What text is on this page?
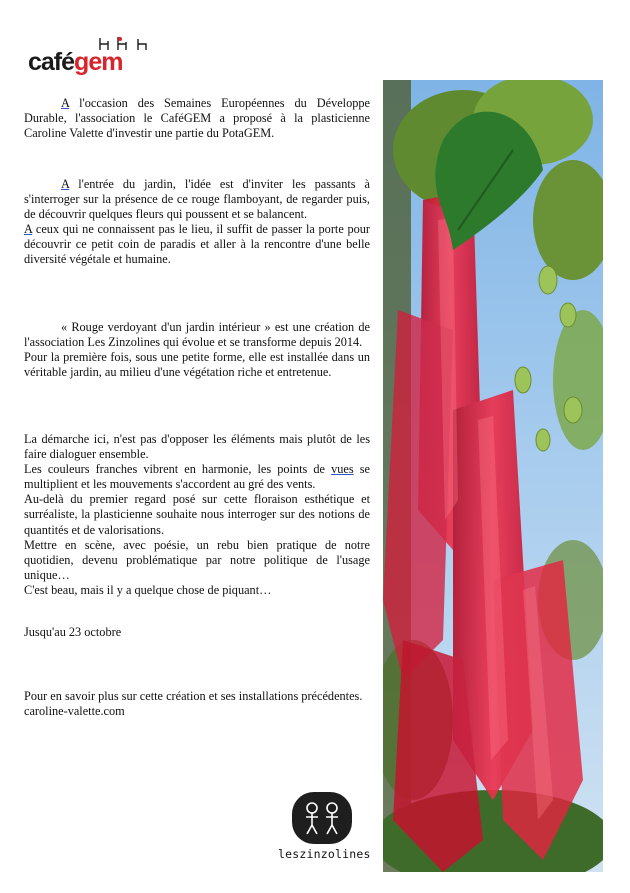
cafégem

A l'occasion des Semaines Européennes du Développe Durable, l'association le CaféGEM a proposé à la plasticienne Caroline Valette d'investir une partie du PotaGEM.

A l'entrée du jardin, l'idée est d'inviter les passants à s'interroger sur la présence de ce rouge flamboyant, de regarder puis, de découvrir quelques fleurs qui poussent et se balancent.

A ceux qui ne connaissent pas le lieu, il suffit de passer la porte pour découvrir ce petit coin de paradis et aller à la rencontre d'une belle diversité végétale et humaine.

« Rouge verdoyant d'un jardin intérieur » est une création de l'association Les Zinzolines qui évolue et se transforme depuis 2014.

Pour la première fois, sous une petite forme, elle est installée dans un véritable jardin, au milieu d'une végétation riche et entretenue.

La démarche ici, n'est pas d'opposer les éléments mais plutôt de les faire dialoguer ensemble.

Les couleurs franches vibrent en harmonie, les points de vues se multiplient et les mouvements s'accordent au gré des vents.

Au-delà du premier regard posé sur cette floraison esthétique et surréaliste, la plasticienne souhaite nous interroger sur des notions de quantités et de valorisations.

Mettre en scène, avec poésie, un rebu bien pratique de notre quotidien, devenu problématique par notre politique de l'usage unique…

C'est beau, mais il y a quelque chose de piquant…

Jusqu'au 23 octobre

Pour en savoir plus sur cette création et ses installations précédentes.

caroline-valette.com

leszinzolines
